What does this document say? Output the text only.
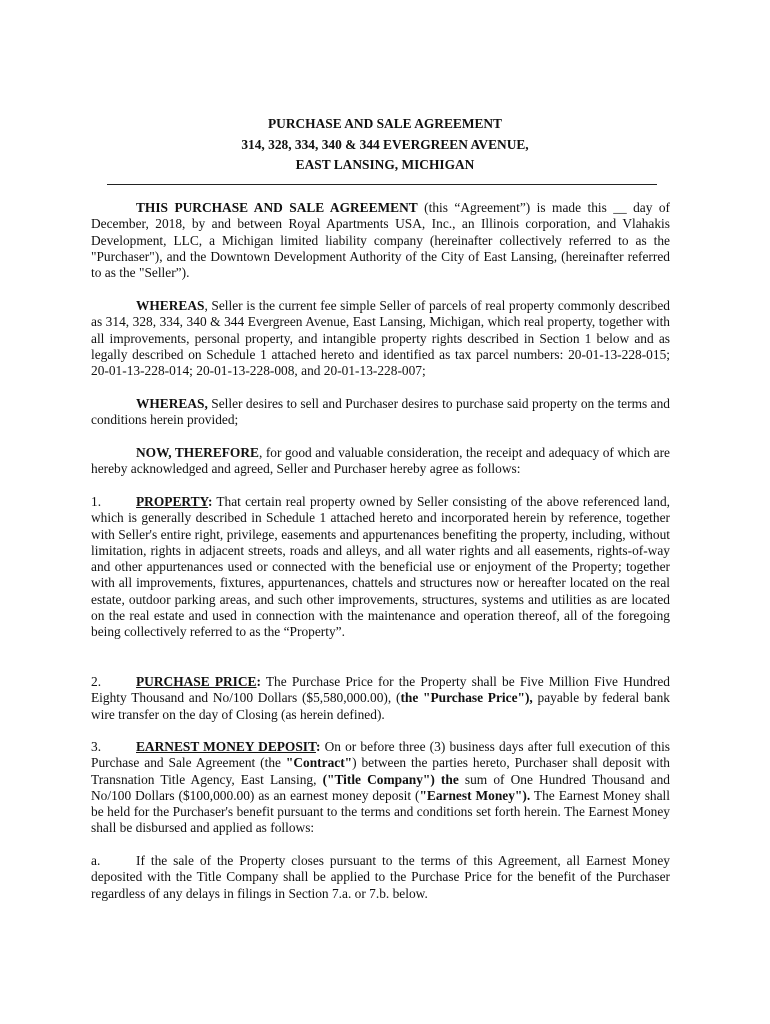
PURCHASE AND SALE AGREEMENT
314, 328, 334, 340 & 344 EVERGREEN AVENUE,
EAST LANSING, MICHIGAN

THIS PURCHASE AND SALE AGREEMENT (this “Agreement”) is made this __ day of December, 2018, by and between Royal Apartments USA, Inc., an Illinois corporation, and Vlahakis Development, LLC, a Michigan limited liability company (hereinafter collectively referred to as the "Purchaser"), and the Downtown Development Authority of the City of East Lansing, (hereinafter referred to as the "Seller”).

WHEREAS, Seller is the current fee simple Seller of parcels of real property commonly described as 314, 328, 334, 340 & 344 Evergreen Avenue, East Lansing, Michigan, which real property, together with all improvements, personal property, and intangible property rights described in Section 1 below and as legally described on Schedule 1 attached hereto and identified as tax parcel numbers: 20-01-13-228-015; 20-01-13-228-014; 20-01-13-228-008, and 20-01-13-228-007;

WHEREAS, Seller desires to sell and Purchaser desires to purchase said property on the terms and conditions herein provided;

NOW, THEREFORE, for good and valuable consideration, the receipt and adequacy of which are hereby acknowledged and agreed, Seller and Purchaser hereby agree as follows:

1.	PROPERTY: That certain real property owned by Seller consisting of the above referenced land, which is generally described in Schedule 1 attached hereto and incorporated herein by reference, together with Seller's entire right, privilege, easements and appurtenances benefiting the property, including, without limitation, rights in adjacent streets, roads and alleys, and all water rights and all easements, rights-of-way and other appurtenances used or connected with the beneficial use or enjoyment of the Property; together with all improvements, fixtures, appurtenances, chattels and structures now or hereafter located on the real estate, outdoor parking areas, and such other improvements, structures, systems and utilities as are located on the real estate and used in connection with the maintenance and operation thereof, all of the foregoing being collectively referred to as the “Property”.

2.	PURCHASE PRICE: The Purchase Price for the Property shall be Five Million Five Hundred Eighty Thousand and No/100 Dollars ($5,580,000.00), (the "Purchase Price"), payable by federal bank wire transfer on the day of Closing (as herein defined).

3.	EARNEST MONEY DEPOSIT: On or before three (3) business days after full execution of this Purchase and Sale Agreement (the "Contract") between the parties hereto, Purchaser shall deposit with Transnation Title Agency, East Lansing, ("Title Company") the sum of One Hundred Thousand and No/100 Dollars ($100,000.00) as an earnest money deposit ("Earnest Money"). The Earnest Money shall be held for the Purchaser's benefit pursuant to the terms and conditions set forth herein. The Earnest Money shall be disbursed and applied as follows:

a.	If the sale of the Property closes pursuant to the terms of this Agreement, all Earnest Money deposited with the Title Company shall be applied to the Purchase Price for the benefit of the Purchaser regardless of any delays in filings in Section 7.a. or 7.b. below.
